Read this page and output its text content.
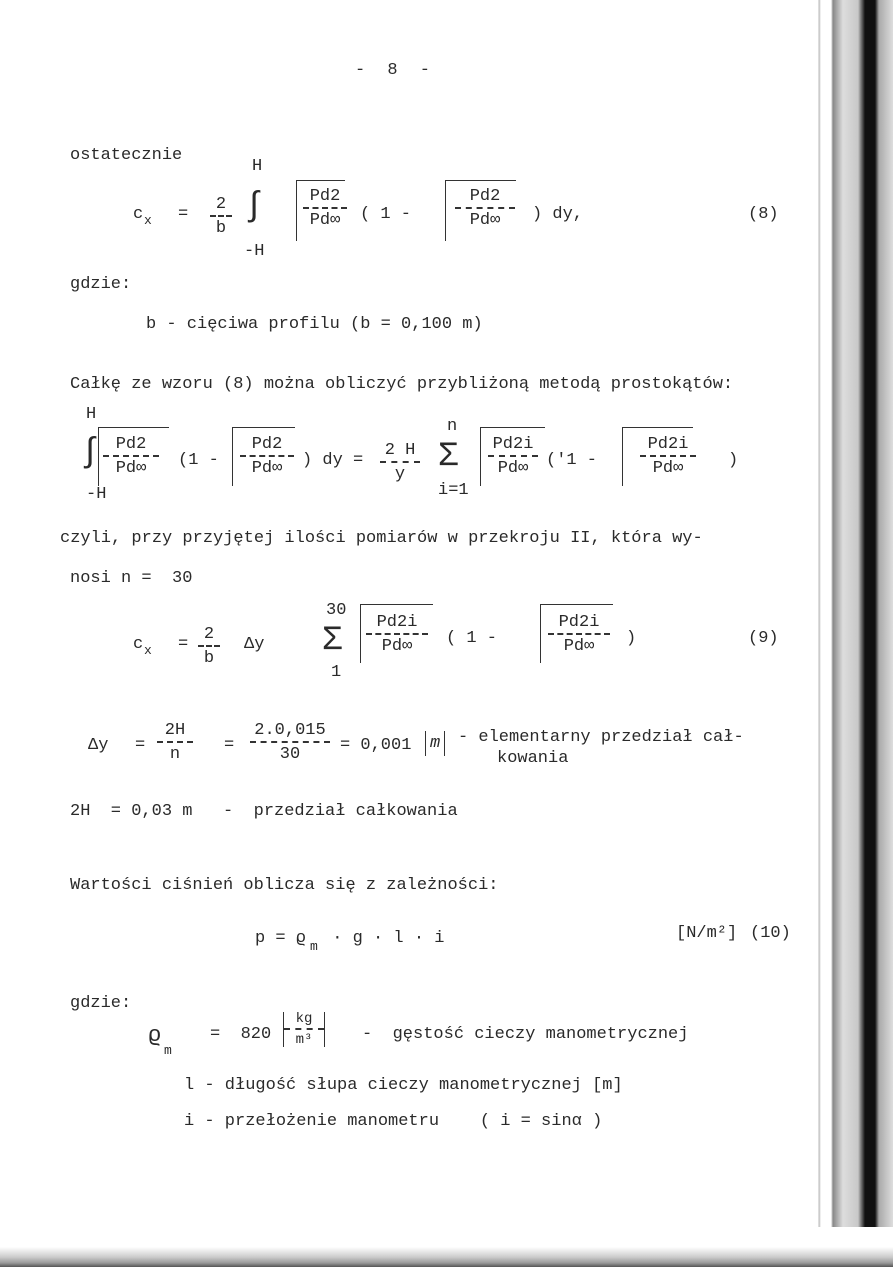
- 8 -
ostatecznie
c $x = \frac{2}{b}$
H
∫
-H
$\frac{Pd2}{Pd\infty}$ ( 1 -	$\frac{Pd2}{Pd\infty}$ ) dy,	(8)
gdzie:
b - cięciwa profilu (b = 0,100 m)
Całkę ze wzoru (8) można obliczyć przybliżoną metodą prostokątów:
H
∫
-H
$\frac{Pd2}{Pd\infty} (1 - \frac{Pd2}{Pd\infty}$ ) dy = $\frac{2 H}{y}$
n
Σ
i=1
$\frac{Pd2i}{Pd\infty} ('1$ -	$\frac{Pd2i}{Pd\infty}$ )
czyli, przy przyjętej ilości pomiarów w przekroju II, która wy-
nosi n =  30
c $x = \frac{2}{b}$ Δy
30
Σ
1
$\frac{Pd2i}{Pd\infty}$ ( 1 -	$\frac{Pd2i}{Pd\infty}$ )	(9)
$\Delta y = \frac{2H}{n} = \frac{2.0,015}{30} = 0,001$ m - elementarny przedział cał-
kowania
2H  = 0,03 m   -  przedział całkowania
Wartości ciśnień oblicza się z zależności:
p = ϱ m · g · l · i	[N/m²] (10)
gdzie:
ϱ
m
=  $820 \frac{kg}{\text{m³}}$ -  gęstość cieczy manometrycznej
l - długość słupa cieczy manometrycznej [m]
i - przełożenie manometru    ( i = sinα )
